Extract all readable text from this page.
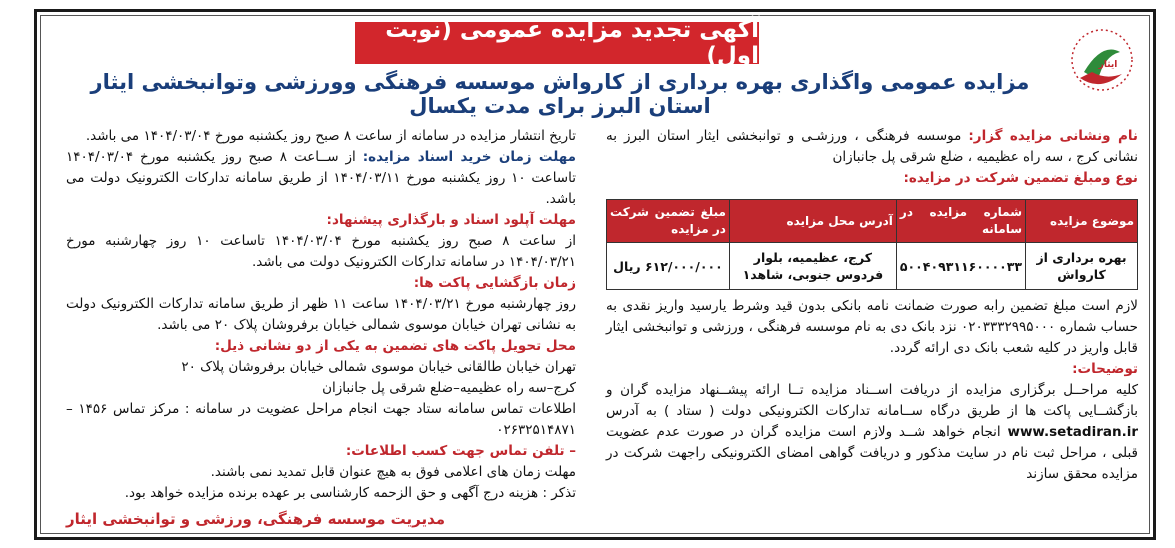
آگهی تجدید مزایده عمومی (نوبت اول)
مزایده عمومی واگذاری بهره برداری از کارواش موسسه فرهنگی وورزشی وتوانبخشی ایثار استان البرز برای مدت یکسال
ایثار

نام ونشانی مزایده گزار: موسسه فرهنگی ، ورزشـی و توانبخشی ایثار استان البرز به نشانی کرج ، سه راه عظیمیه ، ضلع شرقی پل جانبازان

نوع ومبلغ تضمین شرکت در مزایده:

موضوع مزایده	شماره مزایده در سامانه	آدرس محل مزایده	مبلغ تضمین شرکت در مزایده
بهره برداری از کارواش	۵۰۰۴۰۹۳۱۱۶۰۰۰۰۳۳	کرج، عظیمیه، بلوار فردوس جنوبی، شاهد۱	۶۱۲/۰۰۰/۰۰۰ ریال

لازم است مبلغ تضمین رابه صورت ضمانت نامه بانکی بدون قید وشرط یارسید واریز نقدی به حساب شماره ۰۲۰۳۳۳۲۹۹۵۰۰۰ نزد بانک دی به نام موسسه فرهنگی ، ورزشی و توانبخشی ایثار قابل واریز در کلیه شعب بانک دی ارائه گردد.

توضیحات:

کلیه مراحــل برگزاری مزایده از دریافت اســناد مزایده تــا ارائه پیشــنهاد مزایده گران و بازگشــایی پاکت ها از طریق درگاه ســامانه تدارکات الکترونیکی دولت ( ستاد ) به آدرس www.setadiran.ir انجام خواهد شــد ولازم است مزایده گران در صورت عدم عضویت قبلی ، مراحل ثبت نام در سایت مذکور و دریافت گواهی امضای الکترونیکی راجهت شرکت در مزایده محقق سازند

تاریخ انتشار مزایده در سامانه از ساعت ۸ صبح روز یکشنبه مورخ ۱۴۰۴/۰۳/۰۴ می باشد.

مهلت زمان خرید اسناد مزایده: از ســاعت ۸ صبح روز یکشنبه مورخ ۱۴۰۴/۰۳/۰۴ تاساعت ۱۰ روز یکشنبه مورخ ۱۴۰۴/۰۳/۱۱ از طریق سامانه تدارکات الکترونیک دولت می باشد.

مهلت آپلود اسناد و بارگذاری پیشنهاد:

از ساعت ۸ صبح روز یکشنبه مورخ ۱۴۰۴/۰۳/۰۴ تاساعت ۱۰ روز چهارشنبه مورخ ۱۴۰۴/۰۳/۲۱ در سامانه تدارکات الکترونیک دولت می باشد.

زمان بازگشایی پاکت ها:

روز چهارشنبه مورخ ۱۴۰۴/۰۳/۲۱ ساعت ۱۱ ظهر از طریق سامانه تدارکات الکترونیک دولت به نشانی تهران خیابان موسوی شمالی خیابان برفروشان پلاک ۲۰ می باشد.

محل تحویل پاکت های تضمین به یکی از دو نشانی ذیل:

تهران خیابان طالقانی خیابان موسوی شمالی خیابان برفروشان پلاک ۲۰

کرج–سه راه عظیمیه–ضلع شرقی پل جانبازان

اطلاعات تماس سامانه ستاد جهت انجام مراحل عضویت در سامانه : مرکز تماس ۱۴۵۶ – ۰۲۶۳۲۵۱۴۸۷۱

– تلفن تماس جهت کسب اطلاعات:

مهلت زمان های اعلامی فوق به هیچ عنوان قابل تمدید نمی باشند.

تذکر : هزینه درج آگهی و حق الزحمه کارشناسی بر عهده برنده مزایده خواهد بود.

مدیریت موسسه فرهنگی، ورزشی و توانبخشی ایثار
